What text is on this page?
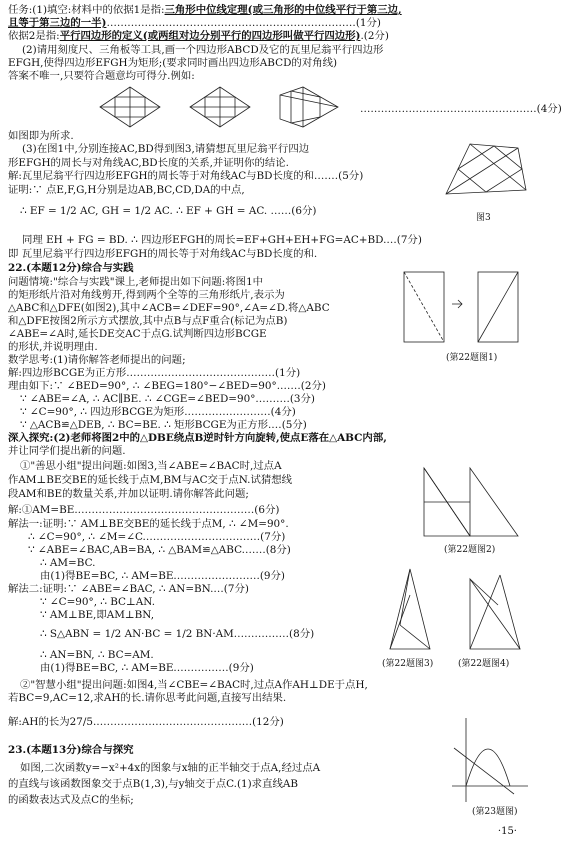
任务:(1)填空:材料中的依据1是指:三角形中位线定理(或三角形的中位线平行于第三边,
且等于第三边的一半)………………………………………………………………(1分)
依据2是指:平行四边形的定义(或两组对边分别平行的四边形叫做平行四边形).(2分)
(2)请用刻度尺、三角板等工具,画一个四边形ABCD及它的瓦里尼翁平行四边形
EFGH,使得四边形EFGH为矩形;(要求同时画出四边形ABCD的对角线)
答案不唯一,只要符合题意均可得分.例如:
……………………………………………(4分)
如图即为所求.
(3)在图1中,分别连接AC,BD得到图3,请猜想瓦里尼翁平行四边
形EFGH的周长与对角线AC,BD长度的关系,并证明你的结论.
解:瓦里尼翁平行四边形EFGH的周长等于对角线AC与BD长度的和.……(5分)
证明:∵ 点E,F,G,H分别是边AB,BC,CD,DA的中点,
∴ EF = 1/2 AC, GH = 1/2 AC. ∴ EF + GH = AC. ……(6分)
图3
同理 EH + FG = BD. ∴ 四边形EFGH的周长=EF+GH+EH+FG=AC+BD.…(7分)
即 瓦里尼翁平行四边形EFGH的周长等于对角线AC与BD长度的和.
22.(本题12分)综合与实践
问题情境:"综合与实践"课上,老师提出如下问题:将图1中
的矩形纸片沿对角线剪开,得到两个全等的三角形纸片,表示为
△ABC和△DFE(如图2),其中∠ACB=∠DEF=90°,∠A=∠D.将△ABC
和△DFE按图2所示方式摆放,其中点B与点F重合(标记为点B)
∠ABE=∠A时,延长DE交AC于点G.试判断四边形BCGE
的形状,并说明理由.
数学思考:(1)请你解答老师提出的问题;	(第22题图1)
解:四边形BCGE为正方形.……………………………………(1分)
理由如下:∵ ∠BED=90°, ∴ ∠BEG=180°−∠BED=90°.……(2分)
∵ ∠ABE=∠A, ∴ AC∥BE. ∴ ∠CGE=∠BED=90°.………(3分)
∵ ∠C=90°, ∴ 四边形BCGE为矩形.……………………(4分)
∵ △ACB≌△DEB, ∴ BC=BE. ∴ 矩形BCGE为正方形.…(5分)
深入探究:(2)老师将图2中的△DBE绕点B逆时针方向旋转,使点E落在△ABC内部,
并让同学们提出新的问题.
①"善思小组"提出问题:如图3,当∠ABE=∠BAC时,过点A
作AM⊥BE交BE的延长线于点M,BM与AC交于点N.试猜想线
段AM和BE的数量关系,并加以证明.请你解答此问题;
解:①AM=BE.……………………………………………(6分)
解法一:证明:∵ AM⊥BE交BE的延长线于点M, ∴ ∠M=90°.
∴ ∠C=90°, ∴ ∠M=∠C.……………………………(7分)
∵ ∠ABE=∠BAC,AB=BA, ∴ △BAM≌△ABC.……(8分)
∴ AM=BC.
由(1)得BE=BC, ∴ AM=BE.……………………(9分)
(第22题图2)
解法二:证明:∵ ∠ABE=∠BAC, ∴ AN=BN.…(7分)
∵ ∠C=90°, ∴ BC⊥AN.
∵ AM⊥BE,即AM⊥BN,
∴ S△ABN = 1/2 AN·BC = 1/2 BN·AM.……………(8分)
∴ AN=BN, ∴ BC=AM.
由(1)得BE=BC, ∴ AM=BE.……………(9分)	(第22题图3)	(第22题图4)
②"智慧小组"提出问题:如图4,当∠CBE=∠BAC时,过点A作AH⊥DE于点H,
若BC=9,AC=12,求AH的长.请你思考此问题,直接写出结果.
解:AH的长为27/5.………………………………………(12分)
23.(本题13分)综合与探究
如图,二次函数y=−x²+4x的图象与x轴的正半轴交于点A,经过点A
的直线与该函数图象交于点B(1,3),与y轴交于点C.(1)求直线AB
的函数表达式及点C的坐标;
(第23题图)
·15·
